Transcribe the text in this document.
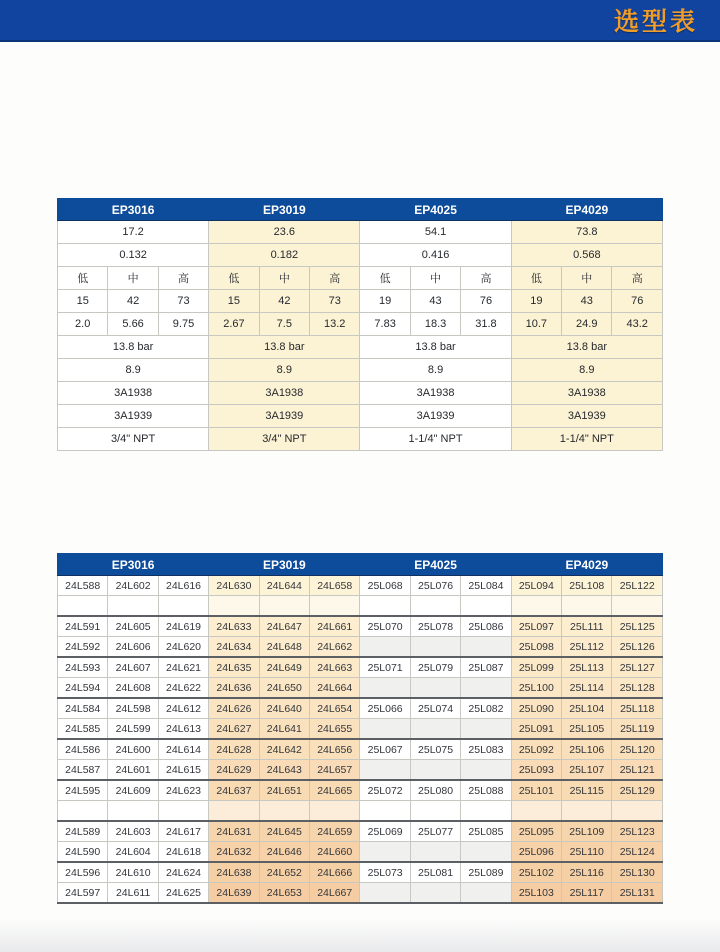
选型表
EP3016			EP3019			EP4025			EP4029		
17.2			23.6			54.1			73.8		
0.132			0.182			0.416			0.568		
低	中	高	低	中	高	低	中	高	低	中	高
15	42	73	15	42	73	19	43	76	19	43	76
2.0	5.66	9.75	2.67	7.5	13.2	7.83	18.3	31.8	10.7	24.9	43.2
13.8 bar			13.8 bar			13.8 bar			13.8 bar		
8.9			8.9			8.9			8.9		
3A1938			3A1938			3A1938			3A1938		
3A1939			3A1939			3A1939			3A1939		
3/4" NPT			3/4" NPT			1-1/4" NPT			1-1/4" NPT		
EP3016			EP3019			EP4025			EP4029		
24L588	24L602	24L616	24L630	24L644	24L658	25L068	25L076	25L084	25L094	25L108	25L122

24L591	24L605	24L619	24L633	24L647	24L661	25L070	25L078	25L086	25L097	25L111	25L125
24L592	24L606	24L620	24L634	24L648	24L662				25L098	25L112	25L126
24L593	24L607	24L621	24L635	24L649	24L663	25L071	25L079	25L087	25L099	25L113	25L127
24L594	24L608	24L622	24L636	24L650	24L664				25L100	25L114	25L128
24L584	24L598	24L612	24L626	24L640	24L654	25L066	25L074	25L082	25L090	25L104	25L118
24L585	24L599	24L613	24L627	24L641	24L655				25L091	25L105	25L119
24L586	24L600	24L614	24L628	24L642	24L656	25L067	25L075	25L083	25L092	25L106	25L120
24L587	24L601	24L615	24L629	24L643	24L657				25L093	25L107	25L121
24L595	24L609	24L623	24L637	24L651	24L665	25L072	25L080	25L088	25L101	25L115	25L129

24L589	24L603	24L617	24L631	24L645	24L659	25L069	25L077	25L085	25L095	25L109	25L123
24L590	24L604	24L618	24L632	24L646	24L660				25L096	25L110	25L124
24L596	24L610	24L624	24L638	24L652	24L666	25L073	25L081	25L089	25L102	25L116	25L130
24L597	24L611	24L625	24L639	24L653	24L667				25L103	25L117	25L131
